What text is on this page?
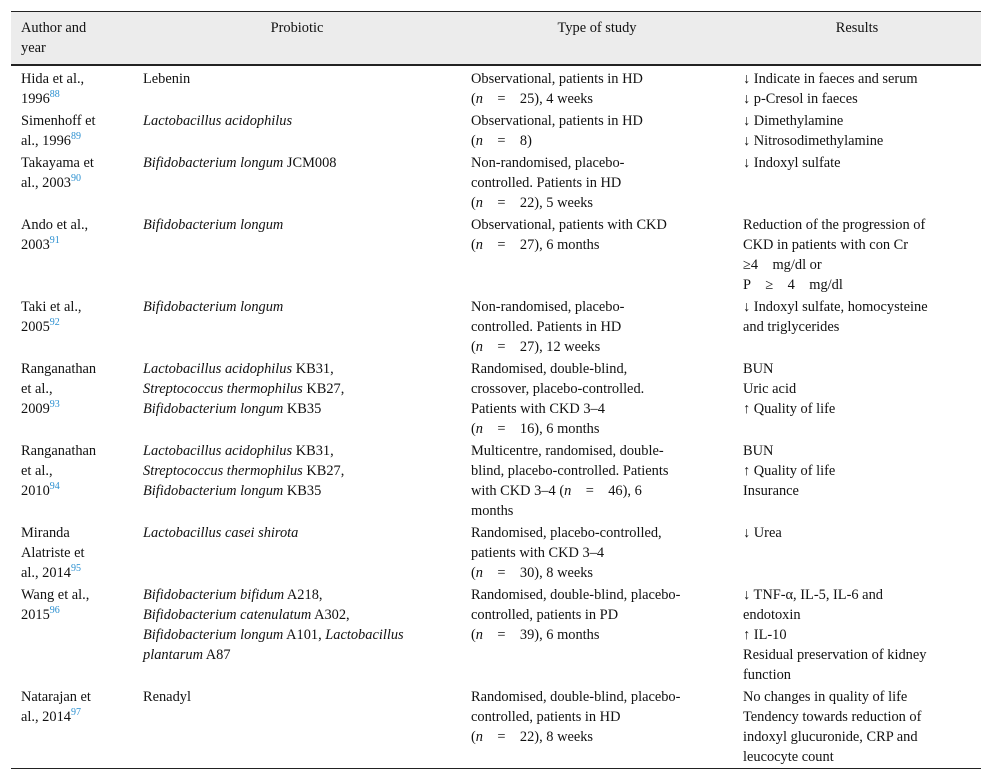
Author and
year	Probiotic	Type of study	Results

Hida et al.,
1996$^{88}$	Lebenin	Observational, patients in HD
(n = 25), 4 weeks	↓ Indicate in faeces and serum
↓ p-Cresol in faeces

Simenhoff et
al., 1996$^{89}$	Lactobacillus acidophilus	Observational, patients in HD
(n = 8)	↓ Dimethylamine
↓ Nitrosodimethylamine

Takayama et
al., 2003$^{90}$	Bifidobacterium longum JCM008	Non-randomised, placebo-
controlled. Patients in HD
(n = 22), 5 weeks	↓ Indoxyl sulfate

Ando et al.,
2003$^{91}$	Bifidobacterium longum	Observational, patients with CKD
(n = 27), 6 months	Reduction of the progression of
CKD in patients with con Cr
≥4 mg/dl or
P ≥ 4 mg/dl

Taki et al.,
2005$^{92}$	Bifidobacterium longum	Non-randomised, placebo-
controlled. Patients in HD
(n = 27), 12 weeks	↓ Indoxyl sulfate, homocysteine
and triglycerides

Ranganathan
et al.,
2009$^{93}$	Lactobacillus acidophilus KB31,
Streptococcus thermophilus KB27,
Bifidobacterium longum KB35	Randomised, double-blind,
crossover, placebo-controlled.
Patients with CKD 3–4
(n = 16), 6 months	BUN
Uric acid
↑ Quality of life

Ranganathan
et al.,
2010$^{94}$	Lactobacillus acidophilus KB31,
Streptococcus thermophilus KB27,
Bifidobacterium longum KB35	Multicentre, randomised, double-
blind, placebo-controlled. Patients
with CKD 3–4 (n = 46), 6
months	BUN
↑ Quality of life
Insurance

Miranda
Alatriste et
al., 2014$^{95}$	Lactobacillus casei shirota	Randomised, placebo-controlled,
patients with CKD 3–4
(n = 30), 8 weeks	↓ Urea

Wang et al.,
2015$^{96}$	Bifidobacterium bifidum A218,
Bifidobacterium catenulatum A302,
Bifidobacterium longum A101, Lactobacillus
plantarum A87	Randomised, double-blind, placebo-
controlled, patients in PD
(n = 39), 6 months	↓ TNF-α, IL-5, IL-6 and
endotoxin
↑ IL-10
Residual preservation of kidney
function

Natarajan et
al., 2014$^{97}$	Renadyl	Randomised, double-blind, placebo-
controlled, patients in HD
(n = 22), 8 weeks	No changes in quality of life
Tendency towards reduction of
indoxyl glucuronide, CRP and
leucocyte count
